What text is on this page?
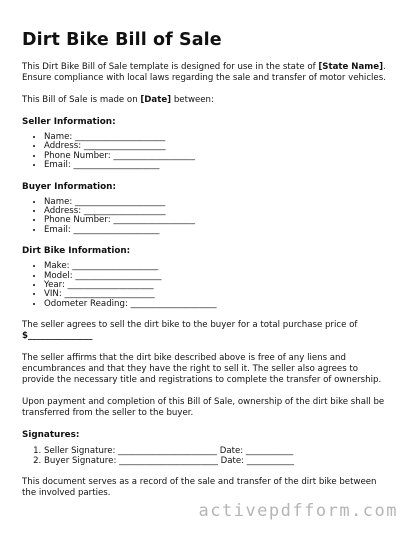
Dirt Bike Bill of Sale

This Dirt Bike Bill of Sale template is designed for use in the state of [State Name]. Ensure compliance with local laws regarding the sale and transfer of motor vehicles.

This Bill of Sale is made on [Date] between:

Seller Information:

• Name: _____________________
• Address: ___________________
• Phone Number: ___________________
• Email: ____________________

Buyer Information:

• Name: _____________________
• Address: ___________________
• Phone Number: ___________________
• Email: ____________________

Dirt Bike Information:

• Make: ____________________
• Model: ____________________
• Year: ____________________
• VIN: _____________________
• Odometer Reading: ____________________

The seller agrees to sell the dirt bike to the buyer for a total purchase price of $_______________

The seller affirms that the dirt bike described above is free of any liens and encumbrances and that they have the right to sell it. The seller also agrees to provide the necessary title and registrations to complete the transfer of ownership.

Upon payment and completion of this Bill of Sale, ownership of the dirt bike shall be transferred from the seller to the buyer.

Signatures:

1. Seller Signature: _______________________ Date: ___________
2. Buyer Signature: _______________________ Date: ___________

This document serves as a record of the sale and transfer of the dirt bike between the involved parties.

activepdfform.com
